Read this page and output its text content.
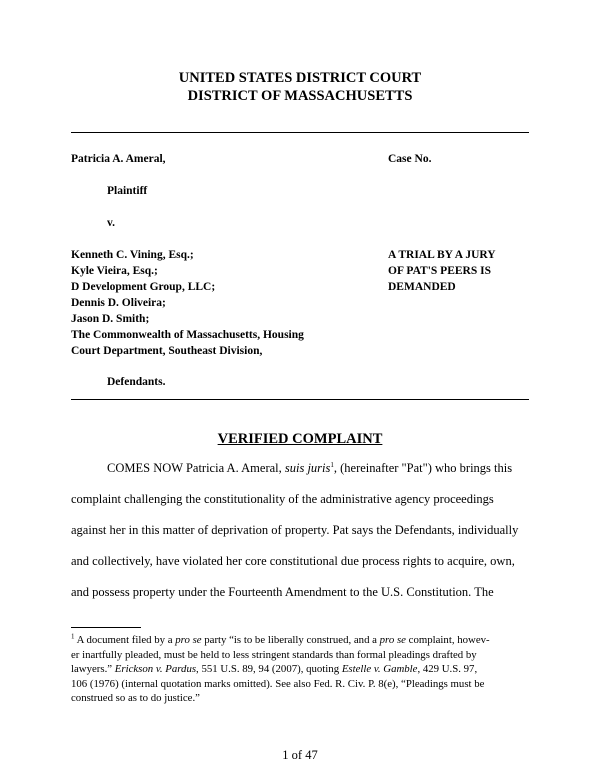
UNITED STATES DISTRICT COURT
DISTRICT OF MASSACHUSETTS
Patricia A. Ameral,	Case No.
Plaintiff
v.
Kenneth C. Vining, Esq.;
Kyle Vieira, Esq.;
D Development Group, LLC;
Dennis D. Oliveira;
Jason D. Smith;
The Commonwealth of Massachusetts, Housing
Court Department, Southeast Division,
A TRIAL BY A JURY
OF PAT'S PEERS IS
DEMANDED
Defendants.
VERIFIED COMPLAINT
COMES NOW Patricia A. Ameral, suis juris$^1$, (hereinafter "Pat") who brings this
complaint challenging the constitutionality of the administrative agency proceedings
against her in this matter of deprivation of property. Pat says the Defendants, individually
and collectively, have violated her core constitutional due process rights to acquire, own,
and possess property under the Fourteenth Amendment to the U.S. Constitution. The
$^1$ A document filed by a pro se party “is to be liberally construed, and a pro se complaint, howev-
er inartfully pleaded, must be held to less stringent standards than formal pleadings drafted by
lawyers.” Erickson v. Pardus, 551 U.S. 89, 94 (2007), quoting Estelle v. Gamble, 429 U.S. 97,
106 (1976) (internal quotation marks omitted). See also Fed. R. Civ. P. 8(e), “Pleadings must be
construed so as to do justice.”
1 of 47
